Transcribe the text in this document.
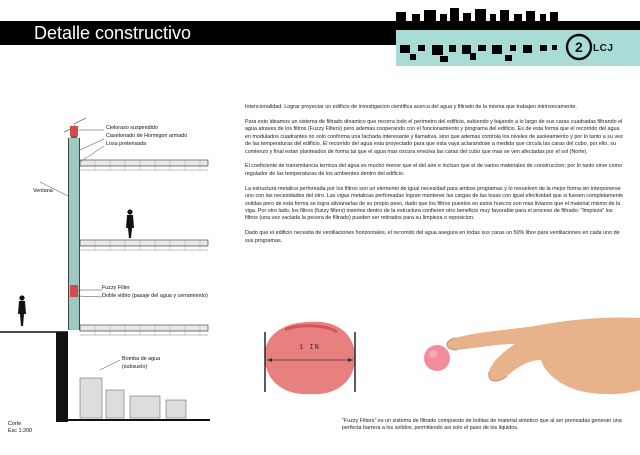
Detalle constructivo
2 LCJ
Cieloraso suspendido
Casetonado de Hormigon armado
Losa pretensada
Ventana
Fuzzy Filter
Doble vidrio (pasaje del agua y cerramiento)
Bomba de agua
(subsuelo)
Corte
Esc 1:200

Intencionalidad: Lograr proyectar un edificio de investigacion cientifica acerca del agua y filtrado de la misma que trabajen intrinsecamente.

Para esto ideamos un sistema de filtrado dinamico que recorra todo el perimetro del edificio, subiendo y bajando a lo largo de sus caras cuadradas filtrando el agua atraves de los filtros (Fuzzy Filters) pero ademas cooperando con el funcionamiento y programa del edificio. Es de esta forma que el recorrido del agua en modulados cuadrantes no solo conforma una fachada interesante y llamativa, sino que ademas controla los niveles de asoleamiento y por lo tanto a su vez de las temperaturas del edificio. El recorrido del agua esta proyectado para que esta vaya aclarandose a medida que circula las caras del cubo, por ello, su comienzo y final estan planteados de forma tal que el agua mas oscura envulva las caras del cubo que mas se ven afectadas por el sol (Norte).

El coeficiente de transmitancia termica del agua es mucho menor que el del aire e incluso que el de varios materiales de construccion; por lo tanto sirve como regulador de las temperaturas de los ambientes dentro del edificio.

La estructura metalica perforeada por los filtros son un elemento de igual necesidad para ambos programas y lo resuelven de la mejor forma sin interponerse uno con las necesidades del otro. Las vigas metalicas perforeadas logran mantener las cargas de las losas con igual efectividad que si fuesen completamente solidas pero de esta forma se logra alivianarlas de su propio peso, dado que los filtros puestos en estos huecos son mas livianos que el material mismo de la viga. Por otro lado, los filtros (fuzzy filters) insertos dentro de la estructura confieren otro beneficio muy favorable para el proceso de filtrado: "limpieza" los filtros (una vez vaciada la pecera de filtrado) pueden ser retirados para su limpieza o reposicion.

Dado que el edificio necesita de ventilaciones horizontales, el recorrido del agua asegura en todas sus caras un 50% libre para ventilaciones en cada uno de sus programas.

1 IN
"Fuzzy Filters" es un sistema de filtrado compuesto de bolitas de material sintetico que al ser prensadas generan una perfecta barrera a los solidos, permitiendo asi solo el paso de los liquidos.
